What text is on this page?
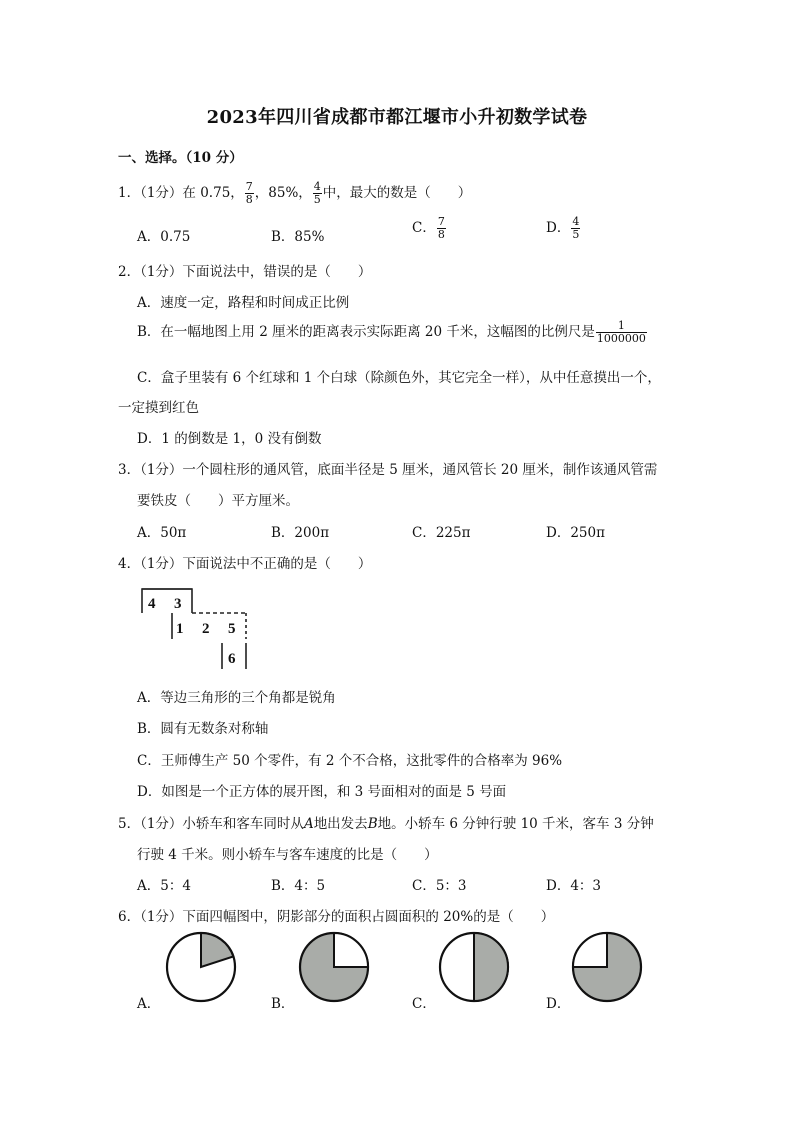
2023年四川省成都市都江堰市小升初数学试卷
一、选择。（10 分）
1．（1分）在 0.75， $\frac{7}{8}$ ，85%， $\frac{4}{5}$ 中，最大的数是（　　）
A．0.75	B．85%
C． $\frac{7}{8}$	D． $\frac{4}{5}$
2．（1分）下面说法中，错误的是（　　）
A．速度一定，路程和时间成正比例
B．在一幅地图上用 2 厘米的距离表示实际距离 20 千米，这幅图的比例尺是 $\frac{1}{1000000}$
C．盒子里装有 6 个红球和 1 个白球（除颜色外，其它完全一样），从中任意摸出一个，
一定摸到红色
D．1 的倒数是 1，0 没有倒数
3．（1分）一个圆柱形的通风管，底面半径是 5 厘米，通风管长 20 厘米，制作该通风管需
要铁皮（　　）平方厘米。
A．50π	B．200π	C．225π	D．250π
4．（1分）下面说法中不正确的是（　　）
4 3
1 2 5
6
A．等边三角形的三个角都是锐角
B．圆有无数条对称轴
C．王师傅生产 50 个零件，有 2 个不合格，这批零件的合格率为 96%
D．如图是一个正方体的展开图，和 3 号面相对的面是 5 号面
5．（1分）小轿车和客车同时从A地出发去B地。小轿车 6 分钟行驶 10 千米，客车 3 分钟
行驶 4 千米。则小轿车与客车速度的比是（　　）
A．5：4	B．4：5	C．5：3	D．4：3
6．（1分）下面四幅图中，阴影部分的面积占圆面积的 20%的是（　　）
A．	B．	C．	D．
